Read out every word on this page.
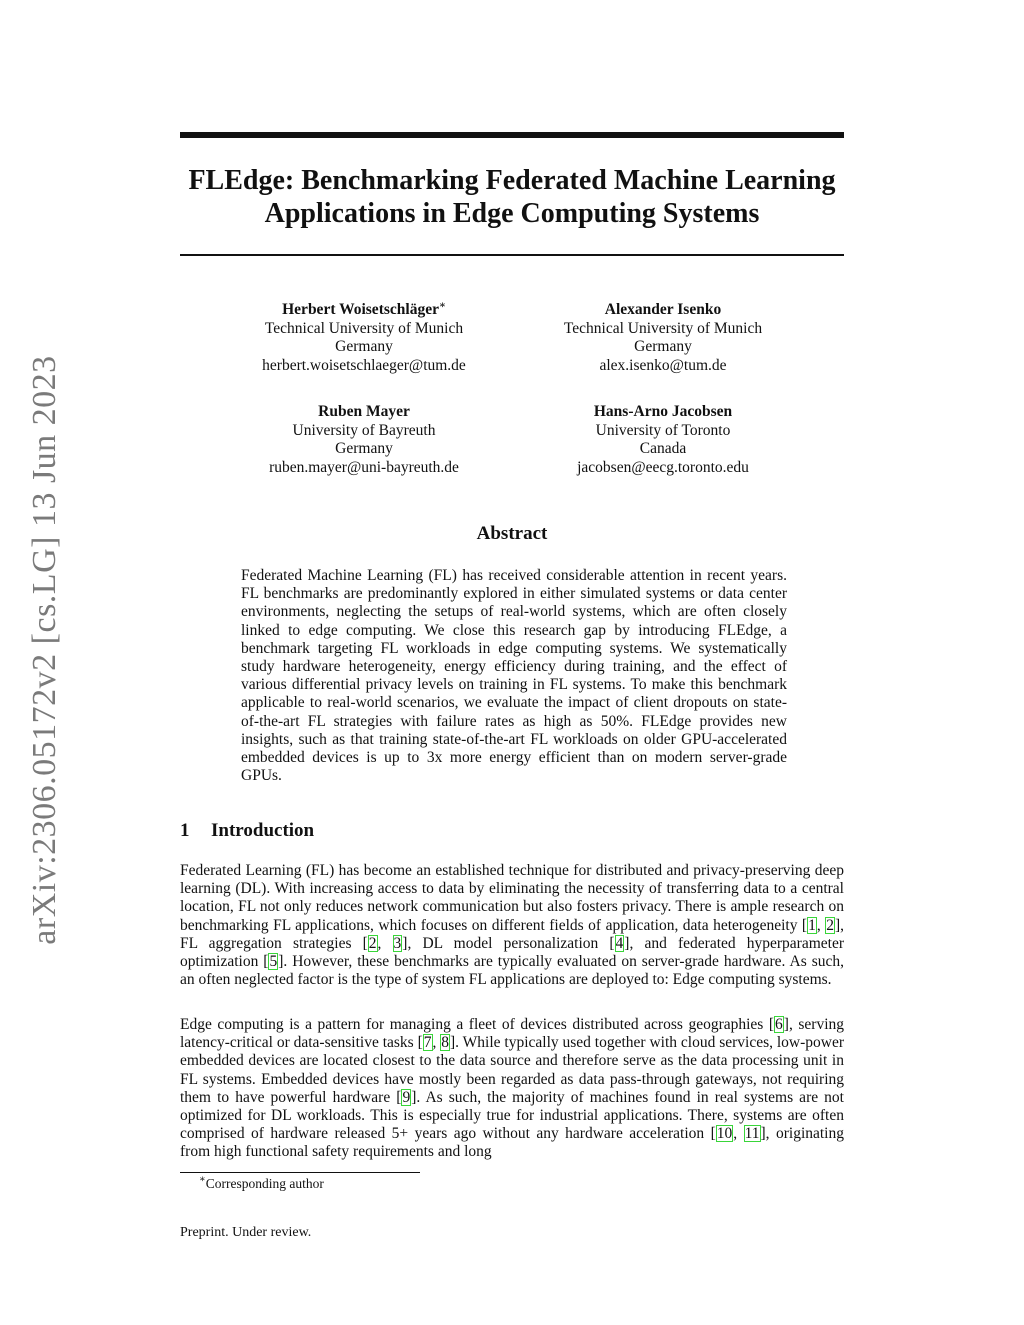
arXiv:2306.05172v2 [cs.LG] 13 Jun 2023
FLEdge: Benchmarking Federated Machine Learning
Applications in Edge Computing Systems
Herbert Woisetschläger∗
Technical University of Munich
Germany
herbert.woisetschlaeger@tum.de
Alexander Isenko
Technical University of Munich
Germany
alex.isenko@tum.de
Ruben Mayer
University of Bayreuth
Germany
ruben.mayer@uni-bayreuth.de
Hans-Arno Jacobsen
University of Toronto
Canada
jacobsen@eecg.toronto.edu
Abstract

Federated Machine Learning (FL) has received considerable attention in recent years. FL benchmarks are predominantly explored in either simulated systems or data center environments, neglecting the setups of real-world systems, which are often closely linked to edge computing. We close this research gap by introducing FLEdge, a benchmark targeting FL workloads in edge computing systems. We systematically study hardware heterogeneity, energy efficiency during training, and the effect of various differential privacy levels on training in FL systems. To make this benchmark applicable to real-world scenarios, we evaluate the impact of client dropouts on state-of-the-art FL strategies with failure rates as high as 50%. FLEdge provides new insights, such as that training state-of-the-art FL workloads on older GPU-accelerated embedded devices is up to 3x more energy efficient than on modern server-grade GPUs.

1 Introduction

Federated Learning (FL) has become an established technique for distributed and privacy-preserving deep learning (DL). With increasing access to data by eliminating the necessity of transferring data to a central location, FL not only reduces network communication but also fosters privacy. There is ample research on benchmarking FL applications, which focuses on different fields of application, data heterogeneity [1, 2], FL aggregation strategies [2, 3], DL model personalization [4], and federated hyperparameter optimization [5]. However, these benchmarks are typically evaluated on server-grade hardware. As such, an often neglected factor is the type of system FL applications are deployed to: Edge computing systems.

Edge computing is a pattern for managing a fleet of devices distributed across geographies [6], serving latency-critical or data-sensitive tasks [7, 8]. While typically used together with cloud services, low-power embedded devices are located closest to the data source and therefore serve as the data processing unit in FL systems. Embedded devices have mostly been regarded as data pass-through gateways, not requiring them to have powerful hardware [9]. As such, the majority of machines found in real systems are not optimized for DL workloads. This is especially true for industrial applications. There, systems are often comprised of hardware released 5+ years ago without any hardware acceleration [10, 11], originating from high functional safety requirements and long

∗Corresponding author

Preprint. Under review.
